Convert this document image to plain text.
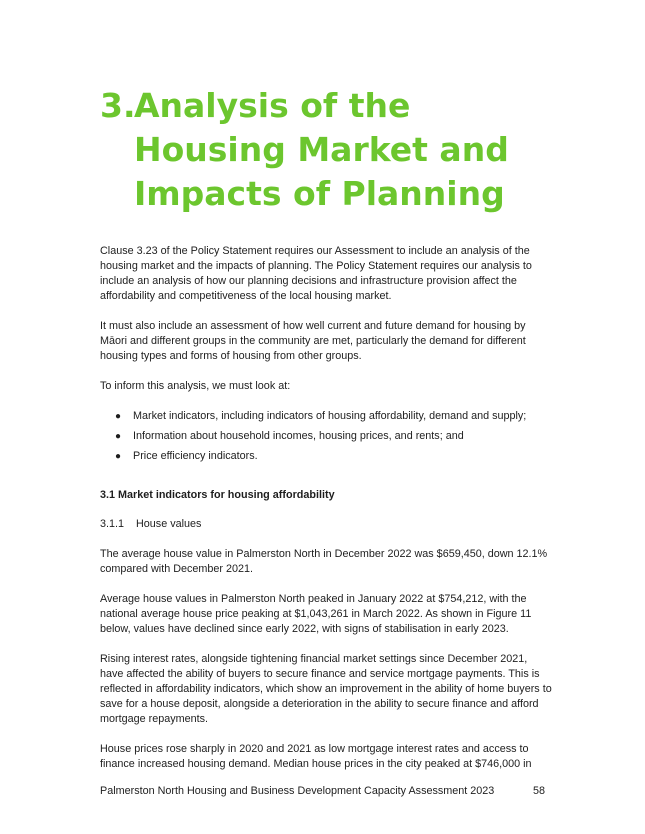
3.
Analysis of the Housing Market and Impacts of Planning

Clause 3.23 of the Policy Statement requires our Assessment to include an analysis of the housing market and the impacts of planning. The Policy Statement requires our analysis to include an analysis of how our planning decisions and infrastructure provision affect the affordability and competitiveness of the local housing market.

It must also include an assessment of how well current and future demand for housing by Māori and different groups in the community are met, particularly the demand for different housing types and forms of housing from other groups.

To inform this analysis, we must look at:

●	Market indicators, including indicators of housing affordability, demand and supply;
●	Information about household incomes, housing prices, and rents; and
●	Price efficiency indicators.
3.1 Market indicators for housing affordability
3.1.1	House values

The average house value in Palmerston North in December 2022 was $659,450, down 12.1% compared with December 2021.

Average house values in Palmerston North peaked in January 2022 at $754,212, with the national average house price peaking at $1,043,261 in March 2022. As shown in Figure 11 below, values have declined since early 2022, with signs of stabilisation in early 2023.

Rising interest rates, alongside tightening financial market settings since December 2021, have affected the ability of buyers to secure finance and service mortgage payments. This is reflected in affordability indicators, which show an improvement in the ability of home buyers to save for a house deposit, alongside a deterioration in the ability to secure finance and afford mortgage repayments.

House prices rose sharply in 2020 and 2021 as low mortgage interest rates and access to finance increased housing demand. Median house prices in the city peaked at $746,000 in

Palmerston North Housing and Business Development Capacity Assessment 2023	58
